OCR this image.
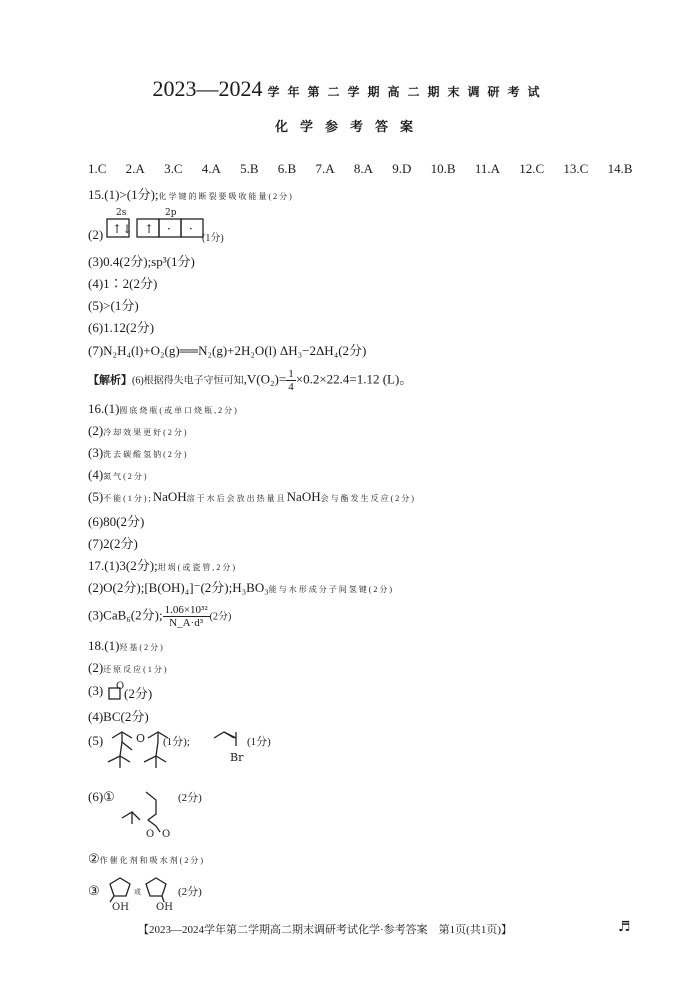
2023—2024 学年第二学期高二期末调研考试
化学参考答案
1.C 2.A 3.C 4.A 5.B 6.B 7.A 8.A 9.D 10.B 11.A 12.C 13.C 14.B
15.(1)>(1分);化学键的断裂要吸收能量(2分)
(2)
2s	2p
↑↓ ↑ · ·
(1分)
(3)0.4(2分);sp³(1分)
(4)1∶2(2分)
(5)>(1分)
(6)1.12(2分)
(7)N₂H₄(l)+O₂(g)══N₂(g)+2H₂O(l) ΔH₃−2ΔH₄(2分)
【解析】(6)根据得失电子守恒可知$,V(O_2)= \frac{1}{4} \times 0.2\times 22.4=1.12$ (L)。
16.(1)圆底烧瓶(或单口烧瓶,2分)
(2)冷却效果更好(2分)
(3)洗去碳酸氢钠(2分)
(4)氮气(2分)
(5)不能(1分);NaOH溶于水后会放出热量且NaOH会与酯发生反应(2分)
(6)80(2分)
(7)2(2分)
17.(1)3(2分);坩埚(或瓷管,2分)
(2)O(2分);[B(OH)₄]⁻(2分);H₃BO₃能与水形成分子间氢键(2分)
(3)CaB₆(2分); $\frac{\text{1.06×10³²}}{\text{N\_A·d³}} (2$分)
18.(1)羟基(2分)
(2)还原反应(1分)
(3) O (2分)
(4)BC(2分)
(5)	O
Br
(1分);	(1分)
(6)①
O O
(2分)
②作催化剂和吸水剂(2分)
③
OH
或
OH
(2分)
【2023—2024学年第二学期高二期末调研考试化学·参考答案　第1页(共1页)】	♬
